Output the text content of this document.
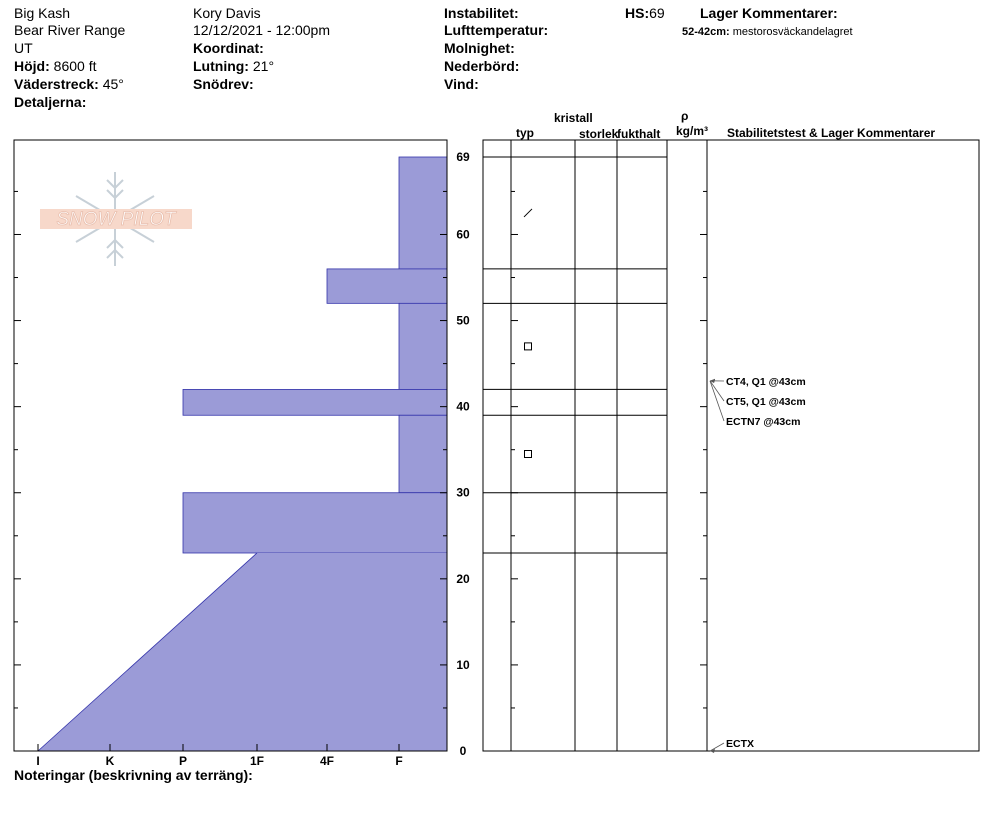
Big Kash
Bear River Range
UT
Höjd: 8600 ft
Väderstreck: 45°
Detaljerna:
Kory Davis
12/12/2021 - 12:00pm
Koordinat:
Lutning: 21°
Snödrev:
Instabilitet:
Lufttemperatur:
Molnighet:
Nederbörd:
Vind:
HS:69	Lager Kommentarer:
52-42cm: mestorosväckandelagret
kristall
typ	storlek
fukthalt
ρ
kg/m³ Stabilitetstest & Lager Kommentarer
Noteringar (beskrivning av terräng):
SNOW PILOT
I	K	P	1F	4F	F
0
10
20
30
40
50
60
69
CT4, Q1 @43cm
CT5, Q1 @43cm
ECTN7 @43cm
ECTX
